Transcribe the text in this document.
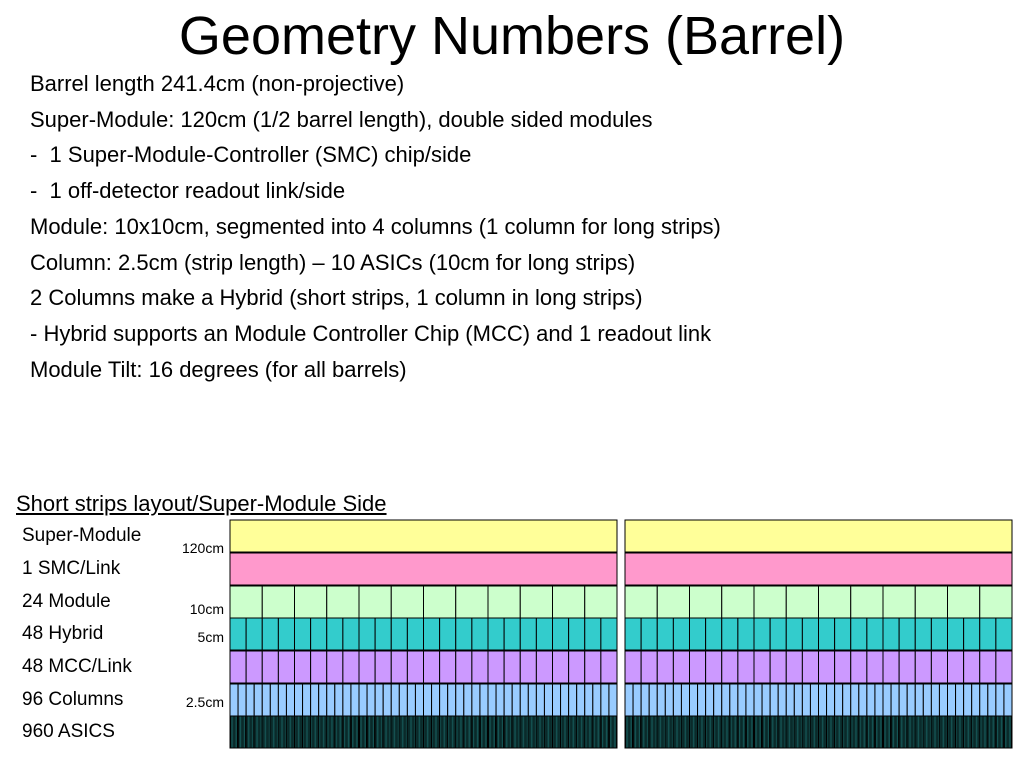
Geometry Numbers (Barrel)
Barrel length 241.4cm (non-projective)
Super-Module: 120cm (1/2 barrel length), double sided modules
-  1 Super-Module-Controller (SMC) chip/side
-  1 off-detector readout link/side
Module: 10x10cm, segmented into 4 columns (1 column for long strips)
Column: 2.5cm (strip length) – 10 ASICs (10cm for long strips)
2 Columns make a Hybrid (short strips, 1 column in long strips)
- Hybrid supports an Module Controller Chip (MCC) and 1 readout link
Module Tilt: 16 degrees (for all barrels)
Short strips layout/Super-Module Side
Super-Module
1 SMC/Link
24 Module
48 Hybrid
48 MCC/Link
96 Columns
960 ASICS
120cm
10cm
5cm
2.5cm
